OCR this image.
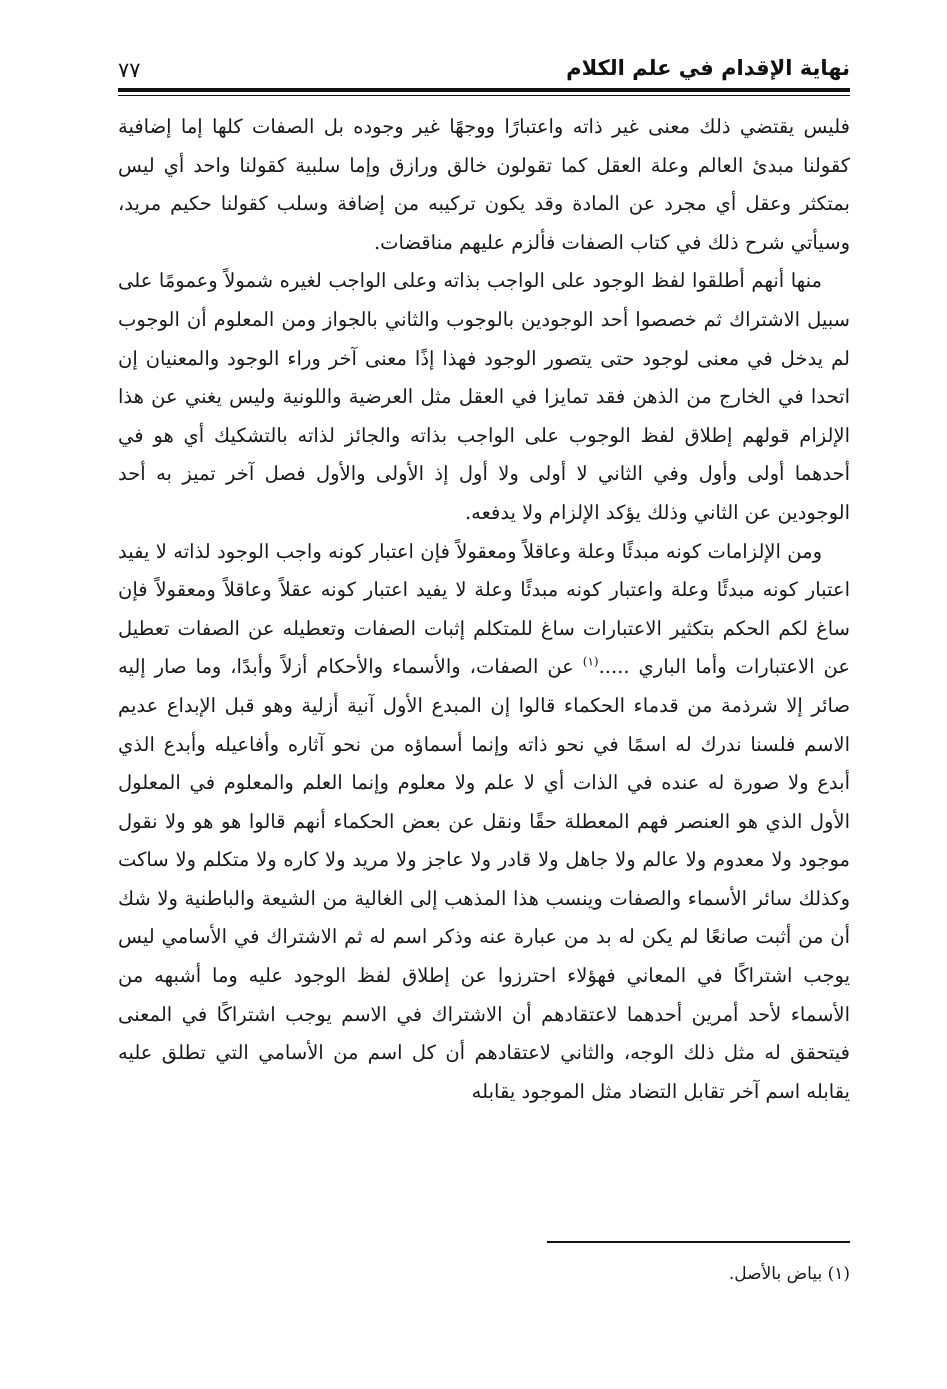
نهاية الإقدام في علم الكلام
٧٧

فليس يقتضي ذلك معنى غير ذاته واعتبارًا ووجهًا غير وجوده بل الصفات كلها إما إضافية كقولنا مبدئ العالم وعلة العقل كما تقولون خالق ورازق وإما سلبية كقولنا واحد أي ليس بمتكثر وعقل أي مجرد عن المادة وقد يكون تركيبه من إضافة وسلب كقولنا حكيم مريد، وسيأتي شرح ذلك في كتاب الصفات فألزم عليهم مناقضات.

منها أنهم أطلقوا لفظ الوجود على الواجب بذاته وعلى الواجب لغيره شمولاً وعمومًا على سبيل الاشتراك ثم خصصوا أحد الوجودين بالوجوب والثاني بالجواز ومن المعلوم أن الوجوب لم يدخل في معنى لوجود حتى يتصور الوجود فهذا إذًا معنى آخر وراء الوجود والمعنيان إن اتحدا في الخارج من الذهن فقد تمايزا في العقل مثل العرضية واللونية وليس يغني عن هذا الإلزام قولهم إطلاق لفظ الوجوب على الواجب بذاته والجائز لذاته بالتشكيك أي هو في أحدهما أولى وأول وفي الثاني لا أولى ولا أول إذ الأولى والأول فصل آخر تميز به أحد الوجودين عن الثاني وذلك يؤكد الإلزام ولا يدفعه.

ومن الإلزامات كونه مبدئًا وعلة وعاقلاً ومعقولاً فإن اعتبار كونه واجب الوجود لذاته لا يفيد اعتبار كونه مبدئًا وعلة واعتبار كونه مبدئًا وعلة لا يفيد اعتبار كونه عقلاً وعاقلاً ومعقولاً فإن ساغ لكم الحكم بتكثير الاعتبارات ساغ للمتكلم إثبات الصفات وتعطيله عن الصفات تعطيل عن الاعتبارات وأما الباري .....$^{(١)}$ عن الصفات، والأسماء والأحكام أزلاً وأبدًا، وما صار إليه صائر إلا شرذمة من قدماء الحكماء قالوا إن المبدع الأول آنية أزلية وهو قبل الإبداع عديم الاسم فلسنا ندرك له اسمًا في نحو ذاته وإنما أسماؤه من نحو آثاره وأفاعيله وأبدع الذي أبدع ولا صورة له عنده في الذات أي لا علم ولا معلوم وإنما العلم والمعلوم في المعلول الأول الذي هو العنصر فهم المعطلة حقًا ونقل عن بعض الحكماء أنهم قالوا هو هو ولا نقول موجود ولا معدوم ولا عالم ولا جاهل ولا قادر ولا عاجز ولا مريد ولا كاره ولا متكلم ولا ساكت وكذلك سائر الأسماء والصفات وينسب هذا المذهب إلى الغالية من الشيعة والباطنية ولا شك أن من أثبت صانعًا لم يكن له بد من عبارة عنه وذكر اسم له ثم الاشتراك في الأسامي ليس يوجب اشتراكًا في المعاني فهؤلاء احترزوا عن إطلاق لفظ الوجود عليه وما أشبهه من الأسماء لأحد أمرين أحدهما لاعتقادهم أن الاشتراك في الاسم يوجب اشتراكًا في المعنى فيتحقق له مثل ذلك الوجه، والثاني لاعتقادهم أن كل اسم من الأسامي التي تطلق عليه يقابله اسم آخر تقابل التضاد مثل الموجود يقابله

(١) بياض بالأصل.
